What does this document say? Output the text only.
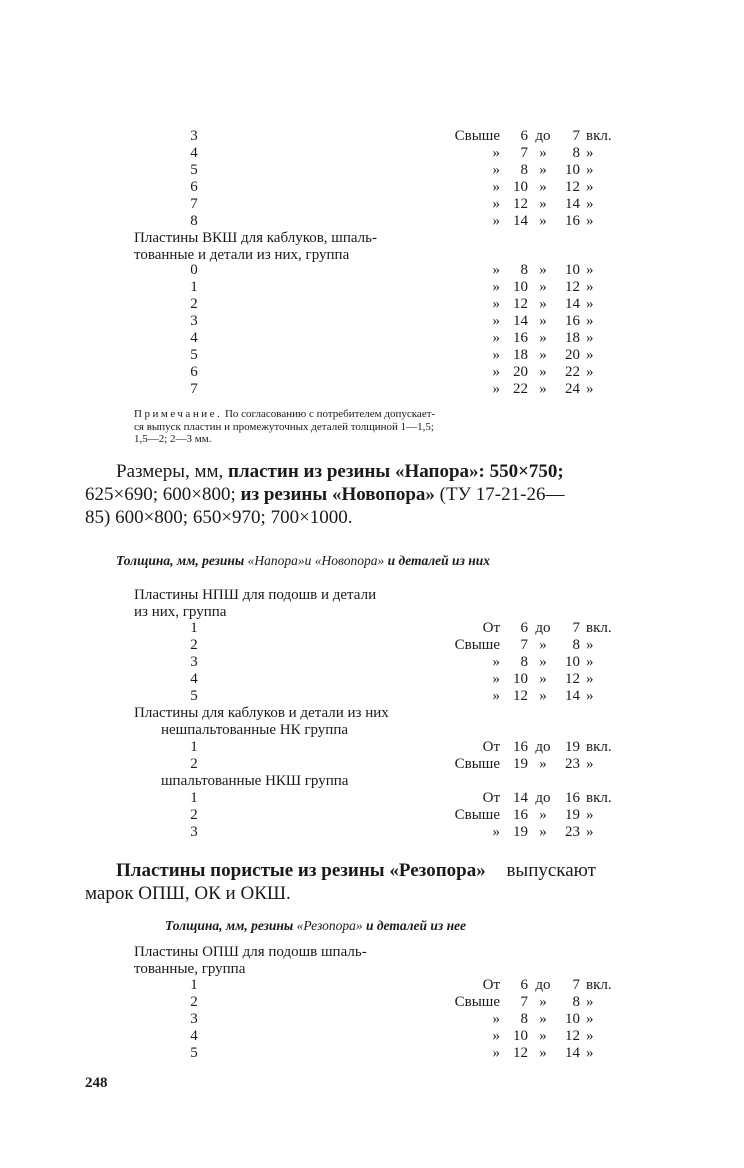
3	Свыше	6 до	7 вкл.
4	»	7 »	8 »
5	»	8 »	10 »
6	» 10 »	12 »
7	» 12 »	14 »
8	» 14 »	16 »
Пластины ВКШ для каблуков, шпаль-
тованные и детали из них, группа
0	»	8 »	10 »
1	» 10 »	12 »
2	» 12 »	14 »
3	» 14 »	16 »
4	» 16 »	18 »
5	» 18 »	20 »
6	» 20 »	22 »
7	» 22 »	24 »

Примечание. По согласованию с потребителем допускает-

ся выпуск пластин и промежуточных деталей толщиной 1—1,5;

1,5—2; 2—3 мм.

Размеры, мм, пластин из резины «Напора»: 550×750;
625×690; 600×800; из резины «Новопора» (ТУ 17-21-26—
85) 600×800; 650×970; 700×1000.
Толщина, мм, резины «Напора»и «Новопора» и деталей из них
Пластины НПШ для подошв и детали
из них, группа
1	От	6 до	7 вкл.
2	Свыше	7 »	8 »
3	»	8 »	10 »
4	» 10 »	12 »
5	» 12 »	14 »
Пластины для каблуков и детали из них
нешпальтованные НК группа
1	От 16 до 19 вкл.
2	Свыше 19 »	23 »
шпальтованные НКШ группа
1	От 14 до 16 вкл.
2	Свыше 16 »	19 »
3	» 19 »	23 »
Пластины пористые из резины «Резопора» выпускают
марок ОПШ, ОК и ОКШ.
Толщина, мм, резины «Резопора» и деталей из нее
Пластины ОПШ для подошв шпаль-
тованные, группа
1	От	6 до	7 вкл.
2	Свыше	7 »	8 »
3	»	8 »	10 »
4	» 10 »	12 »
5	» 12 »	14 »
248
